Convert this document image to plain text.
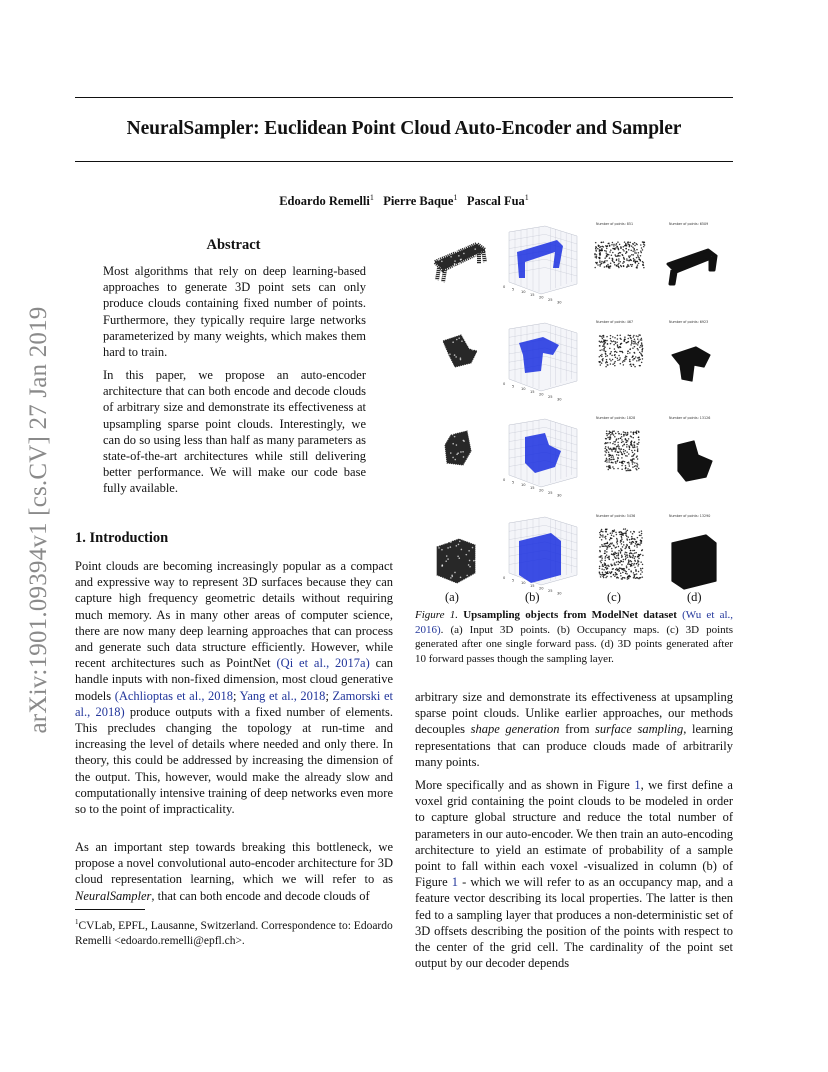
NeuralSampler: Euclidean Point Cloud Auto-Encoder and Sampler
Edoardo Remelli$^1$ Pierre Baque$^1$ Pascal Fua$^1$
arXiv:1901.09394v1 [cs.CV] 27 Jan 2019
Abstract

Most algorithms that rely on deep learning-based approaches to generate 3D point sets can only produce clouds containing fixed number of points. Furthermore, they typically require large networks parameterized by many weights, which makes them hard to train.

In this paper, we propose an auto-encoder architecture that can both encode and decode clouds of arbitrary size and demonstrate its effectiveness at upsampling sparse point clouds. Interestingly, we can do so using less than half as many parameters as state-of-the-art architectures while still delivering better performance. We will make our code base fully available.

1. Introduction

Point clouds are becoming increasingly popular as a compact and expressive way to represent 3D surfaces because they can capture high frequency geometric details without requiring much memory. As in many other areas of computer science, there are now many deep learning approaches that can process and generate such data structure efficiently. However, while recent architectures such as PointNet (Qi et al., 2017a) can handle inputs with non-fixed dimension, most cloud generative models (Achlioptas et al., 2018; Yang et al., 2018; Zamorski et al., 2018) produce outputs with a fixed number of elements. This precludes changing the topology at run-time and increasing the level of details where needed and only there. In theory, this could be addressed by increasing the dimension of the output. This, however, would make the already slow and computationally intensive training of deep networks even more so to the point of impracticality.

As an important step towards breaking this bottleneck, we propose a novel convolutional auto-encoder architecture for 3D cloud representation learning, which we will refer to as NeuralSampler, that can both encode and decode clouds of

$^1$CVLab, EPFL, Lausanne, Switzerland. Correspondence to: Edoardo Remelli <edoardo.remelli@epfl.ch>.

0
5
10
15
20
25
30
0
5
10
15
20
25
30
0
5
10
15
20
25
30
0
5
10
15
20
25
30
Number of points: 851	Number of points: 6509
Number of points: 467	Number of points: 6923
Number of points: 1828	Number of points: 13126
Number of points: 5436	Number of points: 13290
(a)	(b)	(c)	(d)

Figure 1. Upsampling objects from ModelNet dataset (Wu et al., 2016). (a) Input 3D points. (b) Occupancy maps. (c) 3D points generated after one single forward pass. (d) 3D points generated after 10 forward passes though the sampling layer.

arbitrary size and demonstrate its effectiveness at upsampling sparse point clouds. Unlike earlier approaches, our methods decouples shape generation from surface sampling, learning representations that can produce clouds made of arbitrarily many points.

More specifically and as shown in Figure 1, we first define a voxel grid containing the point clouds to be modeled in order to capture global structure and reduce the total number of parameters in our auto-encoder. We then train an auto-encoding architecture to yield an estimate of probability of a sample point to fall within each voxel -visualized in column (b) of Figure 1 - which we will refer to as an occupancy map, and a feature vector describing its local properties. The latter is then fed to a sampling layer that produces a non-deterministic set of 3D offsets describing the position of the points with respect to the center of the grid cell. The cardinality of the point set output by our decoder depends
